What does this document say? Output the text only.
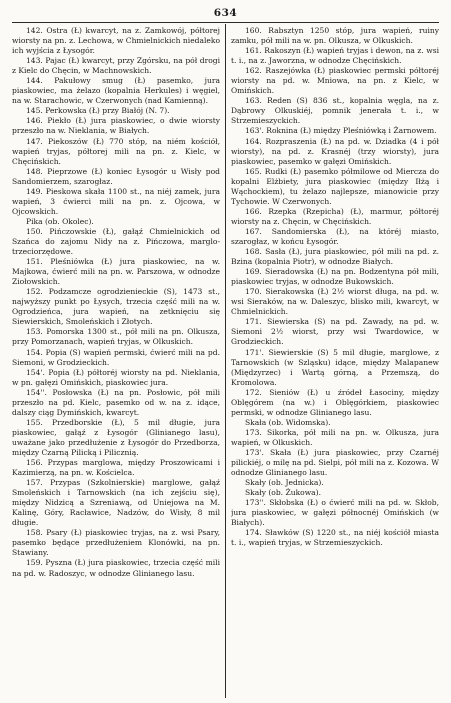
634

142. Ostra (Ł) kwarcyt, na z. Zamkowój, półtorej wiorsty na pn. z. Lechowa, w Chmielnickich niedaleko ich wyjścia z Łysogór.

143. Pajac (Ł) kwarcyt, przy Zgórsku, na pół drogi z Kielc do Chęcin, w Machnowskich.

144. Pakułowy smug (Ł) pasemko, jura piaskowiec, ma żelazo (kopalnia Herkules) i węgiel, na w. Starachowic, w Czerwonych (nad Kamienną).

145. Perkowska (Ł) przy Białój (N. 7).

146. Piekło (Ł) jura piaskowiec, o dwie wiorsty przeszło na w. Nieklania, w Białych.

147. Piekoszów (Ł) 770 stóp, na niém kościół, wapień tryjas, półtorej mili na pn. z. Kielc, w Chęcińskich.

148. Pieprzowe (Ł) koniec Łysogór u Wisły pod Sandomierzem, szarogłaz.

149. Pieskowa skała 1100 st., na niéj zamek, jura wapień, 3 ćwierci mili na pn. z. Ojcowa, w Ojcowskich.

Pika (ob. Okolec).

150. Pińczowskie (Ł), gałąź Chmielnickich od Szańca do zajomu Nidy na z. Pińczowa, marglo-trzeciorzędowe.

151. Pleśniówka (Ł) jura piaskowiec, na w. Majkowa, ćwierć mili na pn. w. Parszowa, w odnodze Ziołowskich.

152. Podzamcze ogrodzienieckie (S), 1473 st., najwyższy punkt po Łysych, trzecia część mili na w. Ogrodzieńca, jura wapień, na zetknięciu się Siewierskich, Smoleńskich i Złotych.

153. Pomorska 1300 st., pół mili na pn. Olkusza, przy Pomorzanach, wapień tryjas, w Olkuskich.

154. Popia (S) wapień permski, ćwierć mili na pd. Siemoni, w Grodzieckich.

154'. Popia (Ł) półtoréj wiorsty na pd. Nieklania, w pn. gałęzi Omińskich, piaskowiec jura.

154''. Posłowska (Ł) na pn. Posłowic, pół mili przeszło na pd. Kielc, pasemko od w. na z. idące, dalszy ciąg Dymińskich, kwarcyt.

155. Przedborskie (Ł), 5 mil długie, jura piaskowiec, gałąź z Łysogór (Glinianego lasu), uważane jako przedłużenie z Łysogór do Przedborza, między Czarną Pilicką i Pilicznią.

156. Przypas marglowa, między Proszowicami i Kazimierzą, na pn. w. Kościelca.

157. Przypas (Szkolnierskie) marglowe, gałąź Smoleńskich i Tarnowskich (na ich zejściu się), między Nidzicą a Szreniawą, od Uniejowa na M. Kalinę, Góry, Racławice, Nadzów, do Wisły, 8 mil długie.

158. Psary (Ł) piaskowiec tryjas, na z. wsi Psary, pasemko będące przedłużeniem Klonówki, na pn. Stawiany.

159. Pyszna (Ł) jura piaskowiec, trzecia część mili na pd. w. Radoszyc, w odnodze Glinianego lasu.

160. Rabsztyn 1250 stóp, jura wapień, ruiny zamku, pół mili na w. pn. Olkusza, w Olkuskich.

161. Rakoszyn (Ł) wapień tryjas i dewon, na z. wsi t. i., na z. Jaworzna, w odnodze Chęcińskich.

162. Raszejówka (Ł) piaskowiec permski półtoréj wiorsty na pd. w. Mniowa, na pn. z Kielc, w Omińskich.

163. Reden (S) 836 st., kopalnia węgla, na z. Dąbrowy Olkuskiéj, pomnik jenerała t. i., w Strzemieszyckich.

163'. Roknina (Ł) między Pleśniówką i Żarnowem.

164. Rozpraszenia (Ł) na pd. w. Dziadka (4 i pół wiorsty), na pd. z. Krasnéj (trzy wiorsty), jura piaskowiec, pasemko w gałęzi Omińskich.

165. Rudki (Ł) pasemko półmilowe od Miercza do kopalni Elżbiety, jura piaskowiec (między Iłżą i Wąchockiem), tu żelazo najlepsze, mianowicie przy Tychowie. W Czerwonych.

166. Rzepka (Rzepicha) (Ł), marmur, półtoréj wiorsty na z. Chęcin, w Chęcińskich.

167. Sandomierska (Ł), na któréj miasto, szarogłaz, w końcu Łysogór.

168. Sasła (Ł), jura piaskowiec, pół mili na pd. z. Bzina (kopalnia Piotr), w odnodze Białych.

169. Sieradowska (Ł) na pn. Bodzentyna pół mili, piaskowiec tryjas, w odnodze Bukowskich.

170. Sierakowska (Ł) 2½ wiorst długa, na pd. w. wsi Sieraków, na w. Daleszyc, blisko mili, kwarcyt, w Chmielnickich.

171. Siewierska (S) na pd. Zawady, na pd. w. Siemoni 2½ wiorst, przy wsi Twardowice, w Grodzieckich.

171'. Siewierskie (S) 5 mil długie, marglowe, z Tarnowskich (w Szląsku) idące, między Malapanew (Międzyrzec) i Wartą górną, a Przemszą, do Kromolowa.

172. Sieniów (Ł) u źródeł Łasociny, między Oblęgórem (na w.) i Oblęgórkiem, piaskowiec permski, w odnodze Glinianego lasu.

Skała (ob. Widomska).

173. Sikorka, pół mili na pn. w. Olkusza, jura wapień, w Olkuskich.

173'. Skała (Ł) jura piaskowiec, przy Czarnéj pilickiéj, o milę na pd. Sielpi, pół mili na z. Kozowa. W odnodze Glinianego lasu.

Skały (ob. Jednicka).

Skały (ob. Żukowa).

173''. Skłobska (Ł) o ćwierć mili na pd. w. Skłob, jura piaskowiec, w gałęzi północnéj Omińskich (w Białych).

174. Sławków (S) 1220 st., na niéj kościół miasta t. i., wapień tryjas, w Strzemieszyckich.
